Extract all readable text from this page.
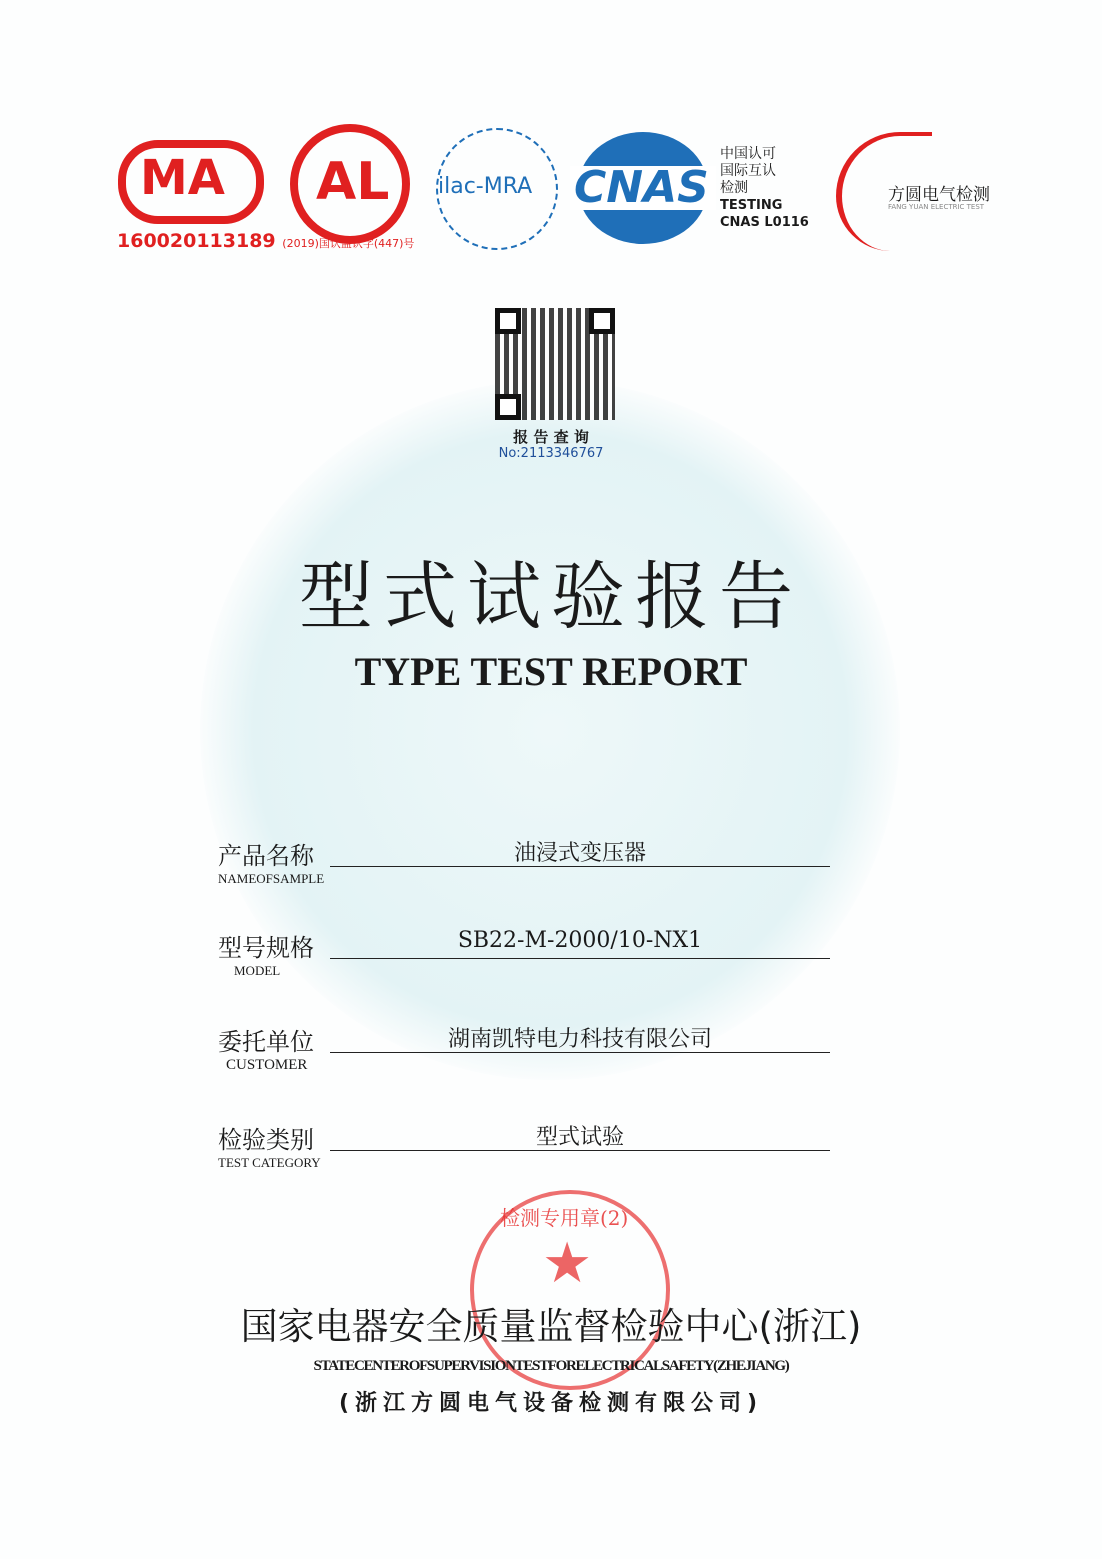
MA
160020113189 (2019)国认监认字(447)号
AL ilac-MRA CNAS
中国认可
国际互认
检测
TESTING
CNAS L0116
方圆电气检测
FANG YUAN ELECTRIC TEST
报 告 查 询
No:2113346767
型式试验报告
TYPE TEST REPORT
产品名称	油浸式变压器
NAMEOFSAMPLE
型号规格	SB22-M-2000/10-NX1
MODEL
委托单位	湖南凯特电力科技有限公司
CUSTOMER
检验类别	型式试验
TEST CATEGORY
★
检测专用章(2)
国家电器安全质量监督检验中心(浙江)
STATECENTEROFSUPERVISIONTESTFORELECTRICALSAFETY(ZHEJIANG)
(浙江方圆电气设备检测有限公司)
